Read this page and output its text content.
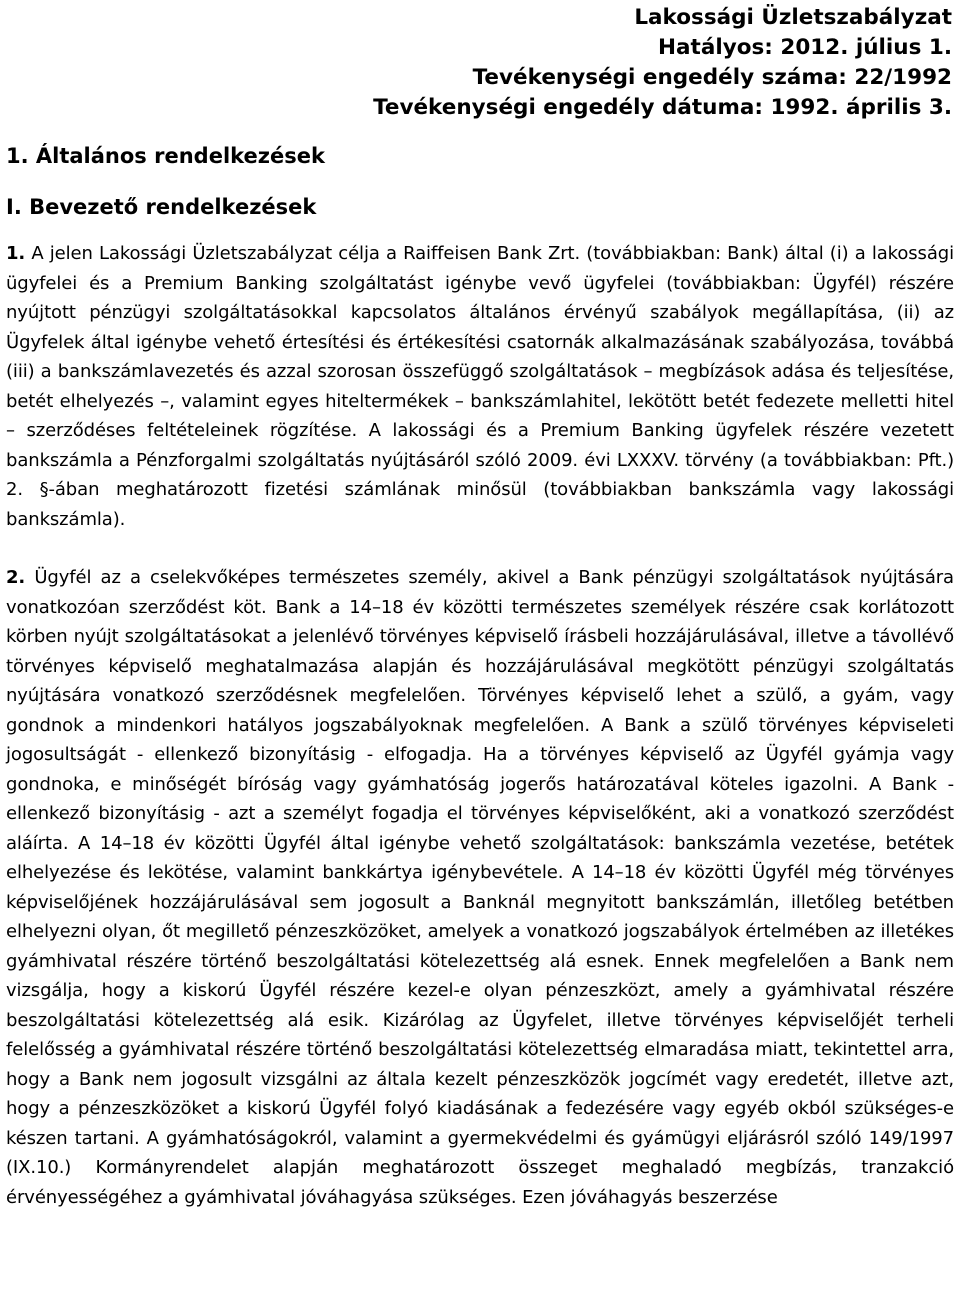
Lakossági Üzletszabályzat
Hatályos: 2012. július 1.
Tevékenységi engedély száma: 22/1992
Tevékenységi engedély dátuma: 1992. április 3.
1. Általános rendelkezések
I. Bevezető rendelkezések

1. A jelen Lakossági Üzletszabályzat célja a Raiffeisen Bank Zrt. (továbbiakban: Bank) által (i) a lakossági ügyfelei és a Premium Banking szolgáltatást igénybe vevő ügyfelei (továbbiakban: Ügyfél) részére nyújtott pénzügyi szolgáltatásokkal kapcsolatos általános érvényű szabályok megállapítása, (ii) az Ügyfelek által igénybe vehető értesítési és értékesítési csatornák alkalmazásának szabályozása, továbbá (iii) a bankszámlavezetés és azzal szorosan összefüggő szolgáltatások – megbízások adása és teljesítése, betét elhelyezés –, valamint egyes hiteltermékek – bankszámlahitel, lekötött betét fedezete melletti hitel – szerződéses feltételeinek rögzítése. A lakossági és a Premium Banking ügyfelek részére vezetett bankszámla a Pénzforgalmi szolgáltatás nyújtásáról szóló 2009. évi LXXXV. törvény (a továbbiakban: Pft.) 2. §-ában meghatározott fizetési számlának minősül (továbbiakban bankszámla vagy lakossági bankszámla).

2. Ügyfél az a cselekvőképes természetes személy, akivel a Bank pénzügyi szolgáltatások nyújtására vonatkozóan szerződést köt. Bank a 14–18 év közötti természetes személyek részére csak korlátozott körben nyújt szolgáltatásokat a jelenlévő törvényes képviselő írásbeli hozzájárulásával, illetve a távollévő törvényes képviselő meghatalmazása alapján és hozzájárulásával megkötött pénzügyi szolgáltatás nyújtására vonatkozó szerződésnek megfelelően. Törvényes képviselő lehet a szülő, a gyám, vagy gondnok a mindenkori hatályos jogszabályoknak megfelelően. A Bank a szülő törvényes képviseleti jogosultságát - ellenkező bizonyításig - elfogadja. Ha a törvényes képviselő az Ügyfél gyámja vagy gondnoka, e minőségét bíróság vagy gyámhatóság jogerős határozatával köteles igazolni. A Bank - ellenkező bizonyításig - azt a személyt fogadja el törvényes képviselőként, aki a vonatkozó szerződést aláírta. A 14–18 év közötti Ügyfél által igénybe vehető szolgáltatások: bankszámla vezetése, betétek elhelyezése és lekötése, valamint bankkártya igénybevétele. A 14–18 év közötti Ügyfél még törvényes képviselőjének hozzájárulásával sem jogosult a Banknál megnyitott bankszámlán, illetőleg betétben elhelyezni olyan, őt megillető pénzeszközöket, amelyek a vonatkozó jogszabályok értelmében az illetékes gyámhivatal részére történő beszolgáltatási kötelezettség alá esnek. Ennek megfelelően a Bank nem vizsgálja, hogy a kiskorú Ügyfél részére kezel-e olyan pénzeszközt, amely a gyámhivatal részére beszolgáltatási kötelezettség alá esik. Kizárólag az Ügyfelet, illetve törvényes képviselőjét terheli felelősség a gyámhivatal részére történő beszolgáltatási kötelezettség elmaradása miatt, tekintettel arra, hogy a Bank nem jogosult vizsgálni az általa kezelt pénzeszközök jogcímét vagy eredetét, illetve azt, hogy a pénzeszközöket a kiskorú Ügyfél folyó kiadásának a fedezésére vagy egyéb okból szükséges-e készen tartani. A gyámhatóságokról, valamint a gyermekvédelmi és gyámügyi eljárásról szóló 149/1997 (IX.10.) Kormányrendelet alapján meghatározott összeget meghaladó megbízás, tranzakció érvényességéhez a gyámhivatal jóváhagyása szükséges. Ezen jóváhagyás beszerzése
